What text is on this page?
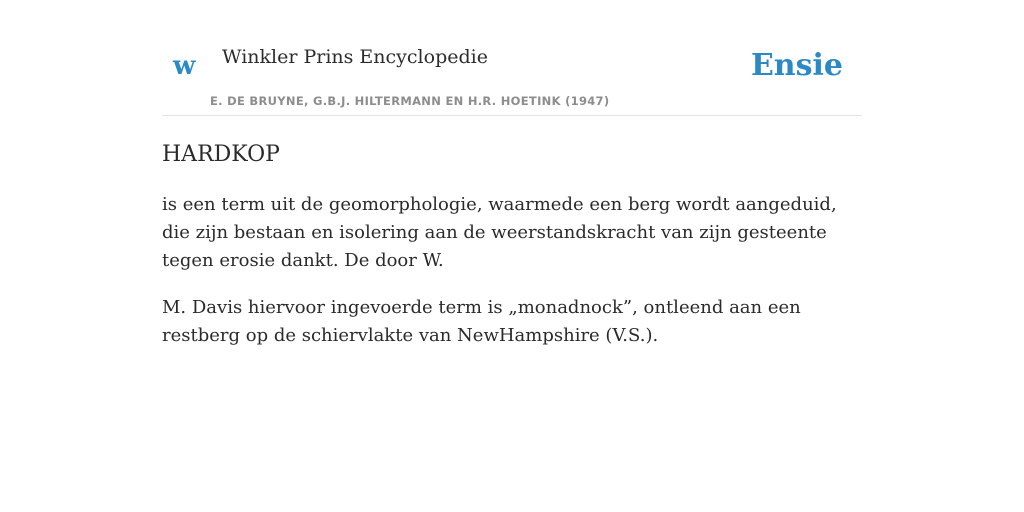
w Winkler Prins Encyclopedie
E. DE BRUYNE, G.B.J. HILTERMANN EN H.R. HOETINK (1947)
Ensie
HARDKOP

is een term uit de geomorphologie, waarmede een berg wordt aangeduid, die zijn bestaan en isolering aan de weerstandskracht van zijn gesteente tegen erosie dankt. De door W.

M. Davis hiervoor ingevoerde term is „monadnock”, ontleend aan een restberg op de schiervlakte van NewHampshire (V.S.).
